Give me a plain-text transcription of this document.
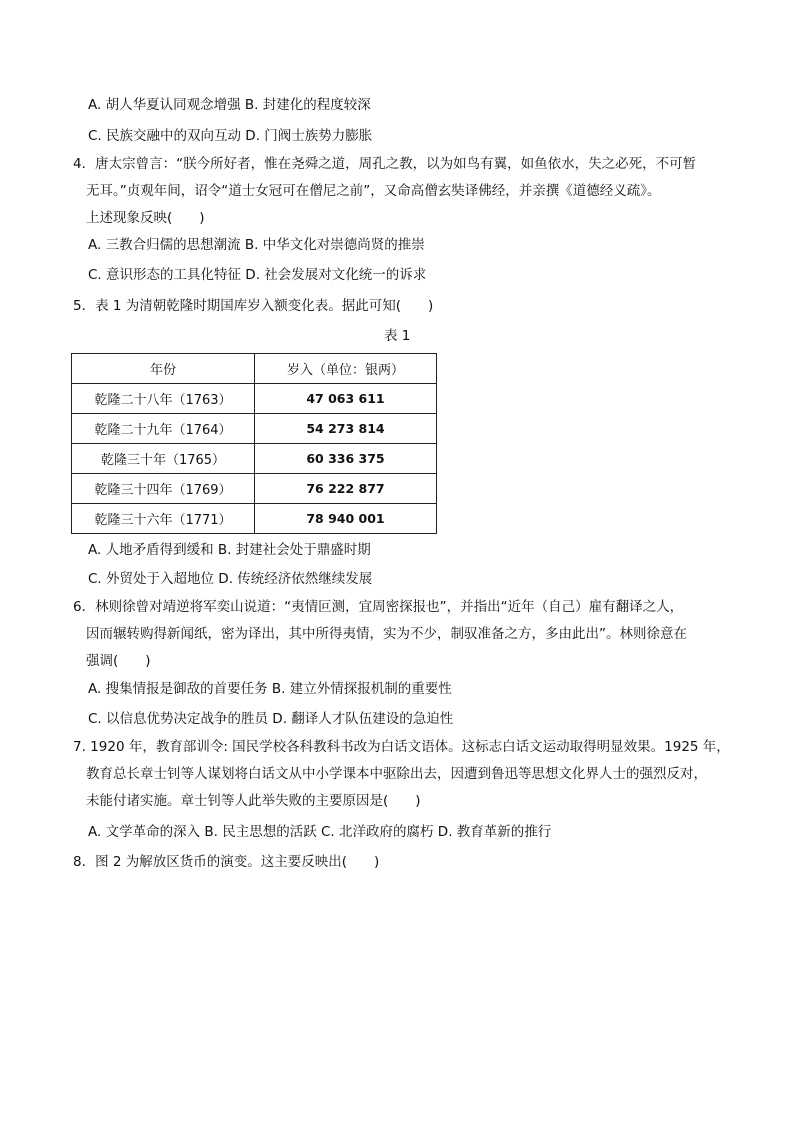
A. 胡人华夏认同观念增强 B. 封建化的程度较深
C. 民族交融中的双向互动 D. 门阀士族势力膨胀
4．唐太宗曾言：“朕今所好者，惟在尧舜之道，周孔之教，以为如鸟有翼，如鱼依水，失之必死，不可暂
无耳。”贞观年间，诏令“道士女冠可在僧尼之前”，又命高僧玄奘译佛经，并亲撰《道德经义疏》。
上述现象反映(　　)
A. 三教合归儒的思想潮流 B. 中华文化对崇德尚贤的推崇
C. 意识形态的工具化特征 D. 社会发展对文化统一的诉求
5．表 1 为清朝乾隆时期国库岁入额变化表。据此可知(　　)
表 1
年份	岁入（单位：银两）
乾隆二十八年（1763）	47 063 611
乾隆二十九年（1764）	54 273 814
乾隆三十年（1765）	60 336 375
乾隆三十四年（1769）	76 222 877
乾隆三十六年（1771）	78 940 001
A. 人地矛盾得到缓和 B. 封建社会处于鼎盛时期
C. 外贸处于入超地位 D. 传统经济依然继续发展
6．林则徐曾对靖逆将军奕山说道：“夷情叵测，宜周密探报也”，并指出“近年（自己）雇有翻译之人，
因而辗转购得新闻纸，密为译出，其中所得夷情，实为不少，制驭准备之方，多由此出”。林则徐意在
强调(　　)
A. 搜集情报是御敌的首要任务 B. 建立外情探报机制的重要性
C. 以信息优势决定战争的胜员 D. 翻译人才队伍建设的急迫性
7. 1920 年，教育部训令: 国民学校各科教科书改为白话文语体。这标志白话文运动取得明显效果。1925 年，
教育总长章士钊等人谋划将白话文从中小学课本中驱除出去，因遭到鲁迅等思想文化界人士的强烈反对，
未能付诸实施。章士钊等人此举失败的主要原因是(　　)
A. 文学革命的深入 B. 民主思想的活跃 C. 北洋政府的腐朽 D. 教育革新的推行
8．图 2 为解放区货币的演变。这主要反映出(　　)
